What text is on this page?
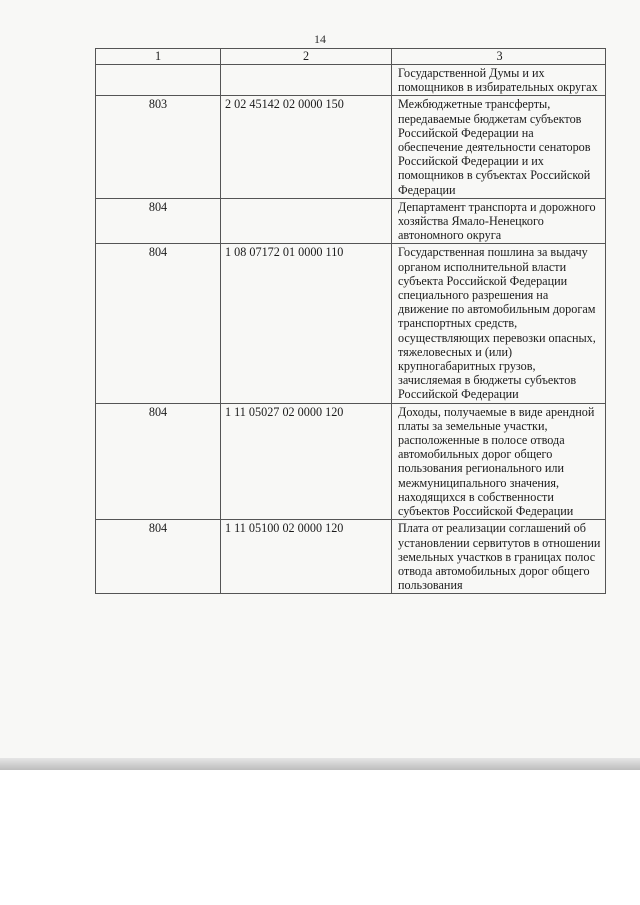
14
1	2	3
		Государственной Думы и их помощников в избирательных округах
803	2 02 45142 02 0000 150	Межбюджетные трансферты, передаваемые бюджетам субъектов Российской Федерации на обеспечение деятельности сенаторов Российской Федерации и их помощников в субъектах Российской Федерации
804		Департамент транспорта и дорожного хозяйства Ямало-Ненецкого автономного округа
804	1 08 07172 01 0000 110	Государственная пошлина за выдачу органом исполнительной власти субъекта Российской Федерации специального разрешения на движение по автомобильным дорогам транспортных средств, осуществляющих перевозки опасных, тяжеловесных и (или) крупногабаритных грузов, зачисляемая в бюджеты субъектов Российской Федерации
804	1 11 05027 02 0000 120	Доходы, получаемые в виде арендной платы за земельные участки, расположенные в полосе отвода автомобильных дорог общего пользования регионального или межмуниципального значения, находящихся в собственности субъектов Российской Федерации
804	1 11 05100 02 0000 120	Плата от реализации соглашений об установлении сервитутов в отношении земельных участков в границах полос отвода автомобильных дорог общего пользования
